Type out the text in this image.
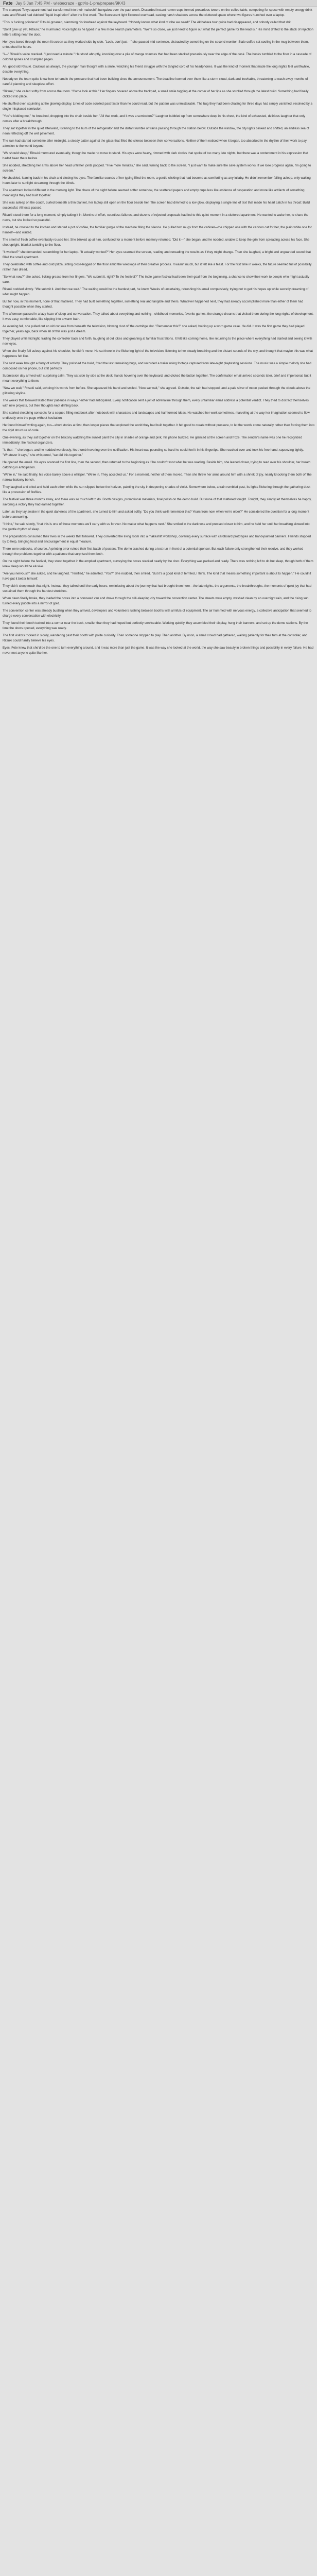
Fate Jay 5 Jan 7:45 PM · wiebecraze · gpt4o-1-pre/prepare/9K43

The cramped Tokyo apartment had transformed into their makeshift bungalow over the past week. Discarded instant ramen cups formed precarious towers on the coffee table, competing for space with empty energy drink cans and Ritsuki had dubbed "liquid inspiration" after the first week. The fluorescent light flickered overhead, casting harsh shadows across the cluttered space where two figures hunched over a laptop.

"This is fucking pointless!" Ritsuki groaned, slamming his forehead against the keyboard. "Nobody knows what kind of vibe we need!" The Akihabara tour guide had disappeared, and nobody called that shit.

"Don't give up yet, Ritsuki," he murmured, voice tight as he typed in a few more search parameters. "We're so close, we just need to figure out what the perfect game for the lead is." His mind drifted to the stack of rejection letters sitting near the door.

Her eyes bored through the neon-lit screen as they worked side by side. "Look, don't just—" she paused mid-sentence, distracted by something on the second monitor. Stale coffee sat cooling in the mug between them, untouched for hours.

"I—" Ritsuki's voice cracked. "I just need a minute." He stood abruptly, knocking over a pile of manga volumes that had been stacked precariously near the edge of the desk. The books tumbled to the floor in a cascade of colorful spines and crumpled pages.

Ah, good old Ritsuki. Cautious as always, the younger man thought with a smile, watching his friend struggle with the tangled cord of his headphones. It was the kind of moment that made the long nights feel worthwhile, despite everything.

Nobody on the team quite knew how to handle the pressure that had been building since the announcement. The deadline loomed over them like a storm cloud, dark and inevitable, threatening to wash away months of careful planning and sleepless effort.

"Ritsuki," she called softly from across the room. "Come look at this." Her fingers hovered above the trackpad, a small smile tugging at the corner of her lips as she scrolled through the latest build. Something had finally clicked into place.

He shuffled over, squinting at the glowing display. Lines of code scrolled past faster than he could read, but the pattern was unmistakable. The bug they had been chasing for three days had simply vanished, resolved by a single misplaced semicolon.

"You're kidding me," he breathed, dropping into the chair beside her. "All that work, and it was a semicolon?" Laughter bubbled up from somewhere deep in his chest, the kind of exhausted, delirious laughter that only comes after a breakthrough.

They sat together in the quiet afterward, listening to the hum of the refrigerator and the distant rumble of trains passing through the station below. Outside the window, the city lights blinked and shifted, an endless sea of neon reflecting off the wet pavement.

The rain had started sometime after midnight, a steady patter against the glass that filled the silence between their conversations. Neither of them noticed when it began, too absorbed in the rhythm of their work to pay attention to the world beyond.

"We should sleep," Ritsuki murmured eventually, though he made no move to stand. His eyes were heavy, rimmed with dark circles that spoke of too many late nights, but there was a contentment in his expression that hadn't been there before.

She nodded, stretching her arms above her head until her joints popped. "Five more minutes," she said, turning back to the screen. "I just want to make sure the save system works. If we lose progress again, I'm going to scream."

He chuckled, leaning back in his chair and closing his eyes. The familiar sounds of her typing filled the room, a gentle clicking that had become as comforting as any lullaby. He didn't remember falling asleep, only waking hours later to sunlight streaming through the blinds.

The apartment looked different in the morning light. The chaos of the night before seemed softer somehow, the scattered papers and empty cups less like evidence of desperation and more like artifacts of something meaningful they had built together.

She was asleep on the couch, curled beneath a thin blanket, her laptop still open on the floor beside her. The screen had dimmed to a low glow, displaying a single line of text that made his heart catch in his throat: Build successful. All tests passed.

Ritsuki stood there for a long moment, simply taking it in. Months of effort, countless failures, and dozens of rejected proposals had led to this quiet moment in a cluttered apartment. He wanted to wake her, to share the news, but she looked so peaceful.

Instead, he crossed to the kitchen and started a pot of coffee, the familiar gurgle of the machine filling the silence. He pulled two mugs from the cabinet—the chipped one with the cartoon cat for her, the plain white one for himself—and waited.

The smell of fresh coffee eventually roused her. She blinked up at him, confused for a moment before memory returned. "Did it—" she began, and he nodded, unable to keep the grin from spreading across his face. She shot upright, blanket tumbling to the floor.

"It worked?" she demanded, scrambling for her laptop. "It actually worked?" Her eyes scanned the screen, reading and rereading the results as if they might change. Then she laughed, a bright and unguarded sound that filled the small apartment.

They celebrated with coffee and cold pizza, sitting cross-legged on the floor amid the wreckage of their creative process. It wasn't much, but it felt like a feast. For the first time in weeks, the future seemed full of possibility rather than dread.

"So what now?" she asked, licking grease from her fingers. "We submit it, right? To the festival?" The indie game festival had been their goal from the beginning, a chance to show their work to people who might actually care.

Ritsuki nodded slowly. "We submit it. And then we wait." The waiting would be the hardest part, he knew. Weeks of uncertainty, refreshing his email compulsively, trying not to get his hopes up while secretly dreaming of what might happen.

But for now, in this moment, none of that mattered. They had built something together, something real and tangible and theirs. Whatever happened next, they had already accomplished more than either of them had thought possible when they started.

The afternoon passed in a lazy haze of sleep and conversation. They talked about everything and nothing—childhood memories, favorite games, the strange dreams that visited them during the long nights of development. It was easy, comfortable, like slipping into a warm bath.

As evening fell, she pulled out an old console from beneath the television, blowing dust off the cartridge slot. "Remember this?" she asked, holding up a worn game case. He did. It was the first game they had played together, years ago, back when all of this was just a dream.

They played until midnight, trading the controller back and forth, laughing at old jokes and groaning at familiar frustrations. It felt like coming home, like returning to the place where everything had started and seeing it with new eyes.

When she finally fell asleep against his shoulder, he didn't move. He sat there in the flickering light of the television, listening to her steady breathing and the distant sounds of the city, and thought that maybe this was what happiness felt like.

The next week brought a flurry of activity. They polished the build, fixed the last remaining bugs, and recorded a trailer using footage captured from late-night playtesting sessions. The music was a simple melody she had composed on her phone, but it fit perfectly.

Submission day arrived with surprising calm. They sat side by side at the desk, hands hovering over the keyboard, and clicked the button together. The confirmation email arrived seconds later, brief and impersonal, but it meant everything to them.

"Now we wait," Ritsuki said, echoing his words from before. She squeezed his hand and smiled. "Now we wait," she agreed. Outside, the rain had stopped, and a pale sliver of moon peeked through the clouds above the glittering skyline.

The weeks that followed tested their patience in ways neither had anticipated. Every notification sent a jolt of adrenaline through them, every unfamiliar email address a potential verdict. They tried to distract themselves with new projects, but their thoughts kept drifting back.

She started sketching concepts for a sequel, filling notebook after notebook with characters and landscapes and half-formed ideas. He watched her work sometimes, marveling at the way her imagination seemed to flow endlessly onto the page without hesitation.

He found himself writing again, too—short stories at first, then longer pieces that explored the world they had built together. It felt good to create without pressure, to let the words come naturally rather than forcing them into the rigid structure of code.

One evening, as they sat together on the balcony watching the sunset paint the city in shades of orange and pink, his phone buzzed. He glanced at the screen and froze. The sender's name was one he recognized immediately: the festival organizers.

"Is that—" she began, and he nodded wordlessly, his thumb hovering over the notification. His heart was pounding so hard he could feel it in his fingertips. She reached over and took his free hand, squeezing tightly. "Whatever it says," she whispered, "we did this together."

He opened the email. His eyes scanned the first line, then the second, then returned to the beginning as if he couldn't trust what he was reading. Beside him, she leaned closer, trying to read over his shoulder, her breath catching in anticipation.

"We're in," he said finally, his voice barely above a whisper. "We're in. They accepted us." For a moment, neither of them moved. Then she threw her arms around him with a shriek of joy, nearly knocking them both off the narrow balcony bench.

They laughed and cried and held each other while the sun slipped below the horizon, painting the sky in deepening shades of violet. Somewhere below, a train rumbled past, its lights flickering through the gathering dusk like a procession of fireflies.

The festival was three months away, and there was so much left to do. Booth designs, promotional materials, final polish on the demo build. But none of that mattered tonight. Tonight, they simply let themselves be happy, savoring a victory they had earned together.

Later, as they lay awake in the quiet darkness of the apartment, she turned to him and asked softly, "Do you think we'll remember this? Years from now, when we're older?" He considered the question for a long moment before answering.

"I think," he said slowly, "that this is one of those moments we'll carry with us forever. No matter what happens next." She smiled in the darkness and pressed closer to him, and he held her until her breathing slowed into the gentle rhythm of sleep.

The preparations consumed their lives in the weeks that followed. They converted the living room into a makeshift workshop, covering every surface with cardboard prototypes and hand-painted banners. Friends stopped by to help, bringing food and encouragement in equal measure.

There were setbacks, of course. A printing error ruined their first batch of posters. The demo crashed during a test run in front of a potential sponsor. But each failure only strengthened their resolve, and they worked through the problems together with a patience that surprised them both.

On the night before the festival, they stood together in the emptied apartment, surveying the boxes stacked neatly by the door. Everything was packed and ready. There was nothing left to do but sleep, though both of them knew sleep would be elusive.

"Are you nervous?" she asked, and he laughed. "Terrified," he admitted. "You?" She nodded, then smiled. "But it's a good kind of terrified, I think. The kind that means something important is about to happen." He couldn't have put it better himself.

They didn't sleep much that night. Instead, they talked until the early hours, reminiscing about the journey that had brought them here—the late nights, the arguments, the breakthroughs, the moments of quiet joy that had sustained them through the hardest stretches.

When dawn finally broke, they loaded the boxes into a borrowed van and drove through the still-sleeping city toward the convention center. The streets were empty, washed clean by an overnight rain, and the rising sun turned every puddle into a mirror of gold.

The convention center was already bustling when they arrived, developers and volunteers rushing between booths with armfuls of equipment. The air hummed with nervous energy, a collective anticipation that seemed to charge every conversation with electricity.

They found their booth tucked into a corner near the back, smaller than they had hoped but perfectly serviceable. Working quickly, they assembled their display, hung their banners, and set up the demo stations. By the time the doors opened, everything was ready.

The first visitors trickled in slowly, wandering past their booth with polite curiosity. Then someone stopped to play. Then another. By noon, a small crowd had gathered, waiting patiently for their turn at the controller, and Ritsuki could hardly believe his eyes.

Eyes, Fete knew that she'd be the one to turn everything around, and it was more than just the game. It was the way she looked at the world, the way she saw beauty in broken things and possibility in every failure. He had never met anyone quite like her.
